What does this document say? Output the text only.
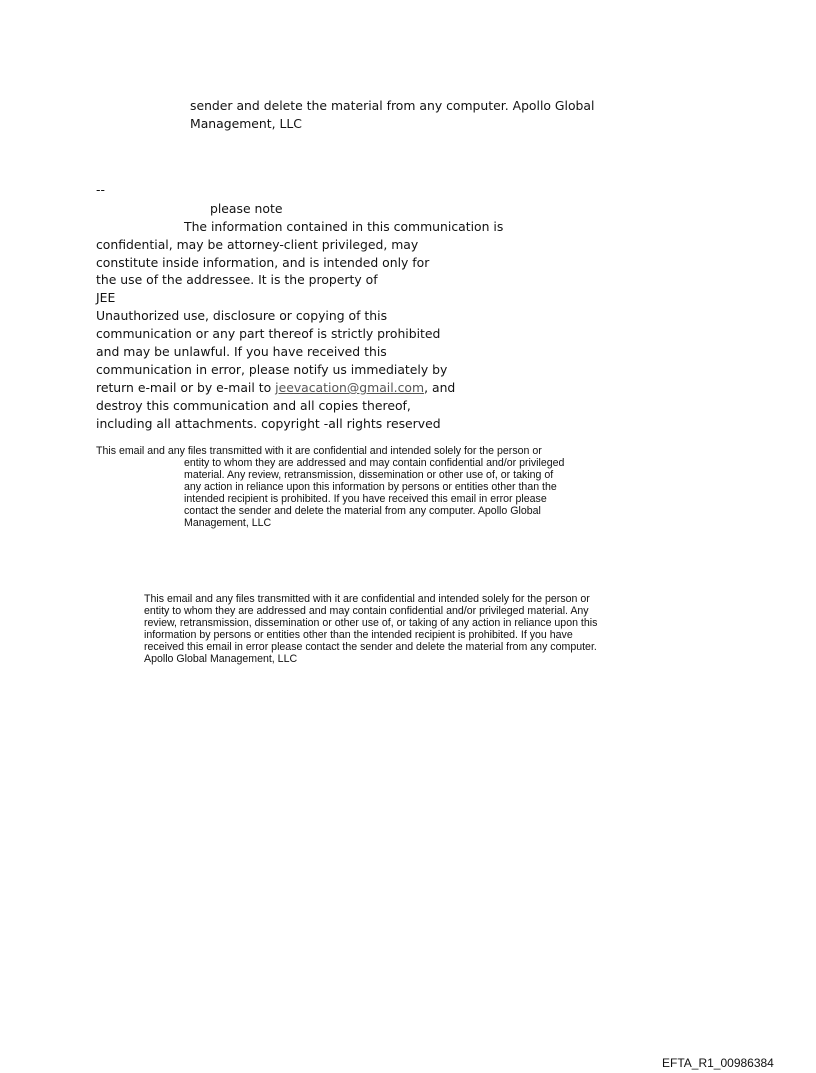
sender and delete the material from any computer. Apollo Global

Management, LLC

--

please note

The information contained in this communication is

confidential, may be attorney-client privileged, may

constitute inside information, and is intended only for

the use of the addressee. It is the property of

JEE

Unauthorized use, disclosure or copying of this

communication or any part thereof is strictly prohibited

and may be unlawful. If you have received this

communication in error, please notify us immediately by

return e-mail or by e-mail to jeevacation@gmail.com, and

destroy this communication and all copies thereof,

including all attachments. copyright -all rights reserved

This email and any files transmitted with it are confidential and intended solely for the person or

entity to whom they are addressed and may contain confidential and/or privileged

material. Any review, retransmission, dissemination or other use of, or taking of

any action in reliance upon this information by persons or entities other than the

intended recipient is prohibited. If you have received this email in error please

contact the sender and delete the material from any computer. Apollo Global

Management, LLC

This email and any files transmitted with it are confidential and intended solely for the person or

entity to whom they are addressed and may contain confidential and/or privileged material. Any

review, retransmission, dissemination or other use of, or taking of any action in reliance upon this

information by persons or entities other than the intended recipient is prohibited. If you have

received this email in error please contact the sender and delete the material from any computer.

Apollo Global Management, LLC

EFTA_R1_00986384
